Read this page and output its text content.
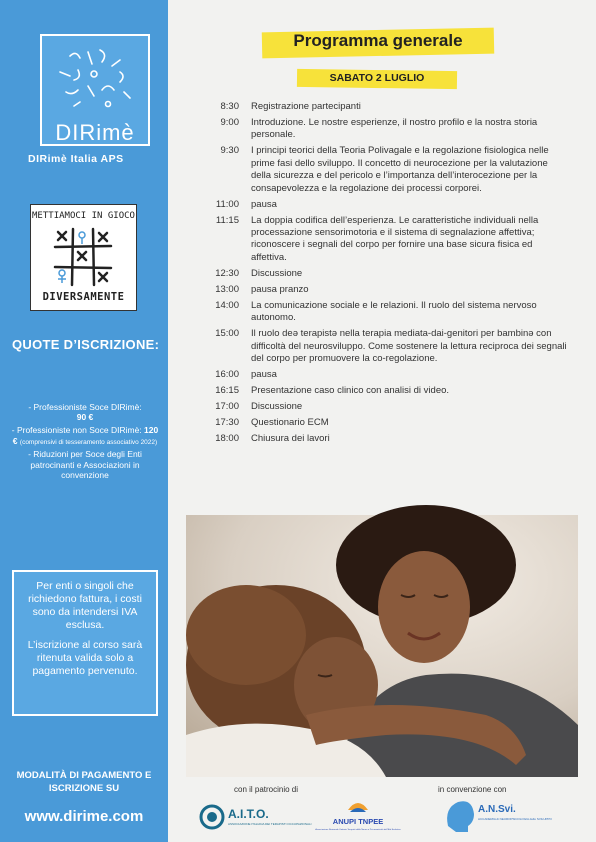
DIRimè
DIRimè Italia APS
METTIAMOCI IN GIOCO
DIVERSAMENTE
QUOTE D’ISCRIZIONE:
- Professioniste Soce DIRimè:
90 €
- Professioniste non Soce DIRimè: 120 € (comprensivi di tesseramento associativo 2022)
- Riduzioni per Soce degli Enti patrocinanti e Associazioni in convenzione

Per enti o singoli che richiedono fattura, i costi sono da intendersi IVA esclusa.

L’iscrizione al corso sarà ritenuta valida solo a pagamento pervenuto.

MODALITÀ DI PAGAMENTO E ISCRIZIONE SU
www.dirime.com
Programma generale
SABATO 2 LUGLIO
8:30 Registrazione partecipanti
9:00 Introduzione. Le nostre esperienze, il nostro profilo e la nostra storia personale.
9:30 I principi teorici della Teoria Polivagale e la regolazione fisiologica nelle prime fasi dello sviluppo. Il concetto di neurocezione per la valutazione della sicurezza e del pericolo e l’importanza dell’interocezione per la consapevolezza e la regolazione dei processi corporei.
11:00 pausa
11:15 La doppia codifica dell’esperienza. Le caratteristiche individuali nella processazione sensorimotoria e il sistema di segnalazione affettiva; riconoscere i segnali del corpo per fornire una base sicura fisica ed affettiva.
12:30 Discussione
13:00 pausa pranzo
14:00 La comunicazione sociale e le relazioni. Il ruolo del sistema nervoso autonomo.
15:00 Il ruolo deə terapistə nella terapia mediata-dai-genitori per bambinə con difficoltà del neurosviluppo. Come sostenere la lettura reciproca dei segnali del corpo per promuovere la co-regolazione.
16:00 pausa
16:15 Presentazione caso clinico con analisi di video.
17:00 Discussione
17:30 Questionario ECM
18:00 Chiusura dei lavori
con il patrocinio di	in convenzione con
A.I.T.O.
ASSOCIAZIONE ITALIANA DEI TERAPISTI OCCUPAZIONALI	ANUPI TNPEE
Associazione Nazionale Unitaria Terapisti della Neuro e Psicomotricità dell’Età Evolutiva
A.N.Svi.
ACCADEMIA di NEUROPSICOLOGIA dello SVILUPPO
